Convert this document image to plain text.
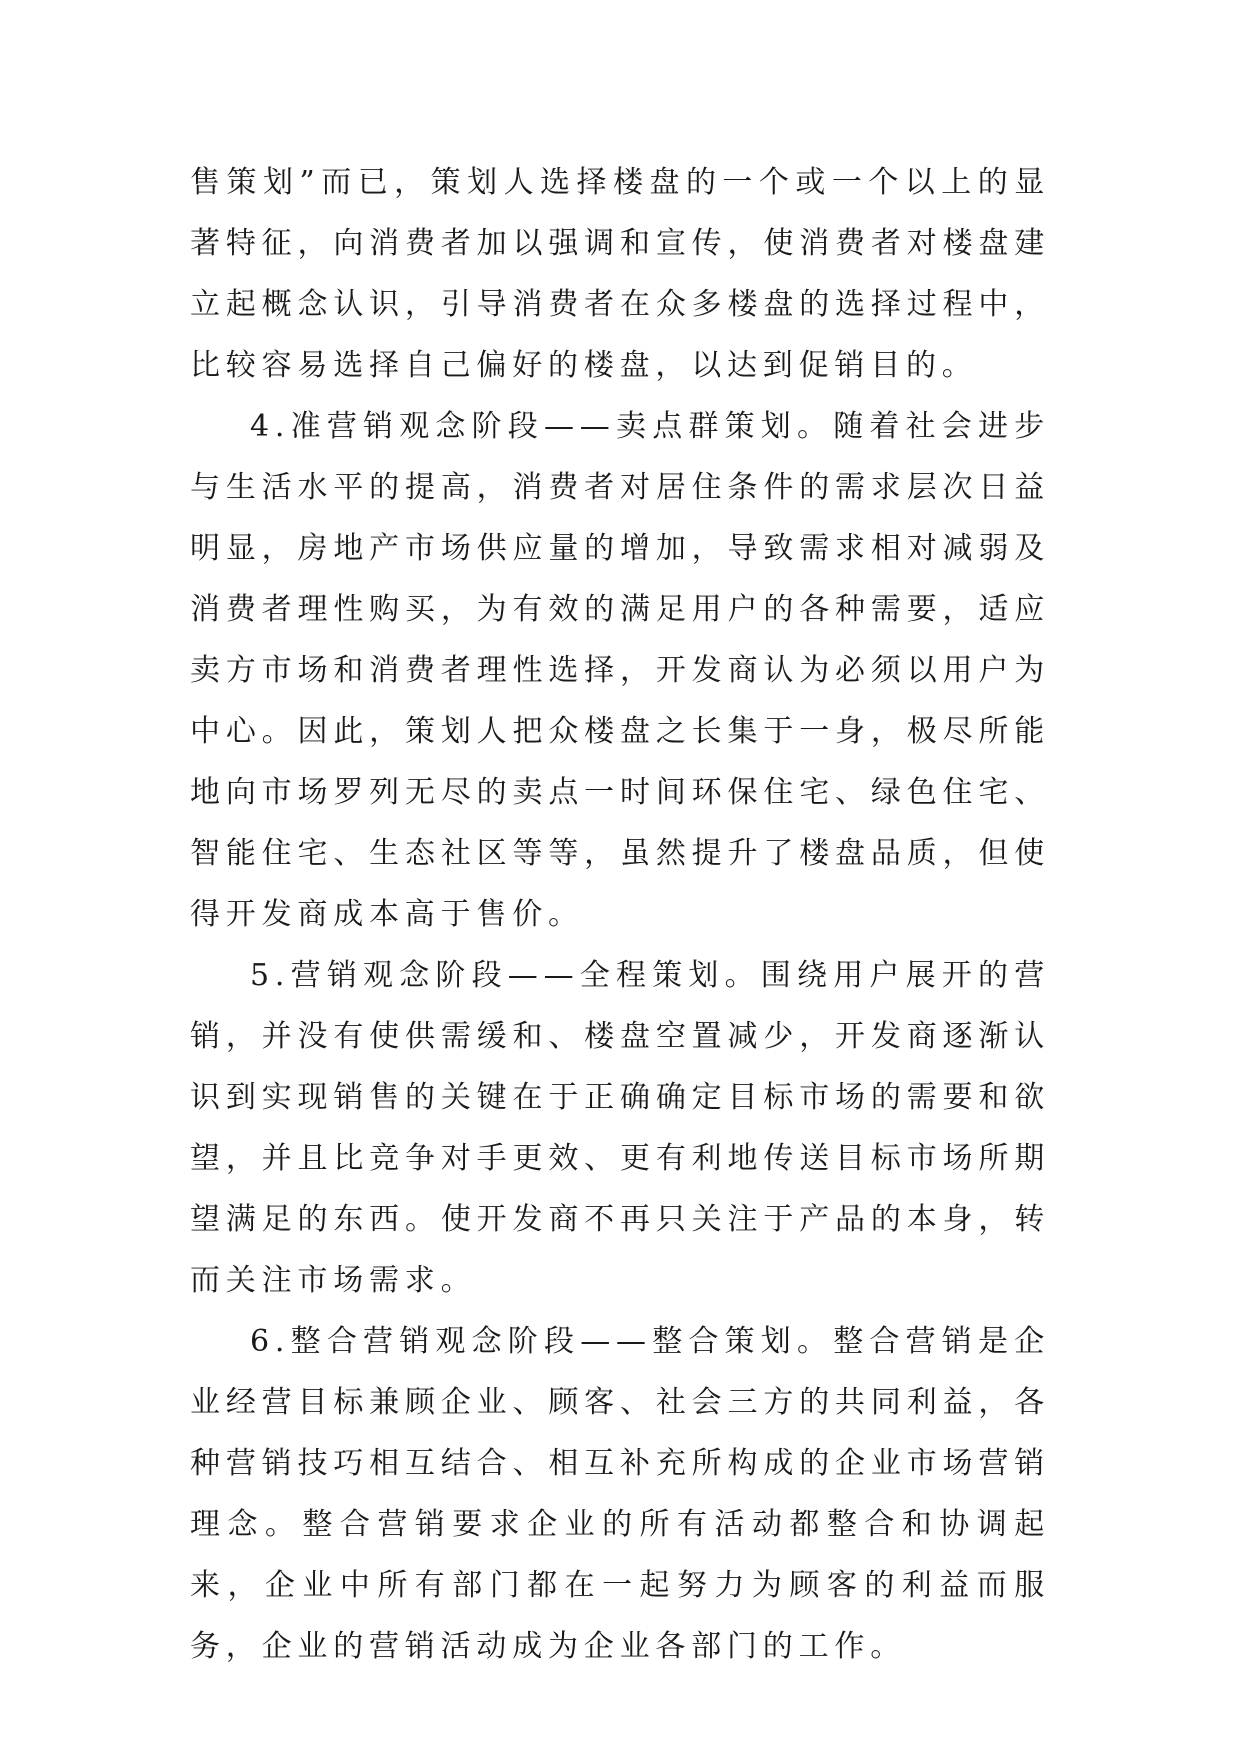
售策划”而已，策划人选择楼盘的一个或一个以上的显著特征，向消费者加以强调和宣传，使消费者对楼盘建立起概念认识，引导消费者在众多楼盘的选择过程中，比较容易选择自己偏好的楼盘，以达到促销目的。

4.准营销观念阶段——卖点群策划。随着社会进步与生活水平的提高，消费者对居住条件的需求层次日益明显，房地产市场供应量的增加，导致需求相对减弱及消费者理性购买，为有效的满足用户的各种需要，适应卖方市场和消费者理性选择，开发商认为必须以用户为中心。因此，策划人把众楼盘之长集于一身，极尽所能地向市场罗列无尽的卖点一时间环保住宅、绿色住宅、智能住宅、生态社区等等，虽然提升了楼盘品质，但使得开发商成本高于售价。

5.营销观念阶段——全程策划。围绕用户展开的营销，并没有使供需缓和、楼盘空置减少，开发商逐渐认识到实现销售的关键在于正确确定目标市场的需要和欲望，并且比竞争对手更效、更有利地传送目标市场所期望满足的东西。使开发商不再只关注于产品的本身，转而关注市场需求。

6.整合营销观念阶段——整合策划。整合营销是企业经营目标兼顾企业、顾客、社会三方的共同利益，各种营销技巧相互结合、相互补充所构成的企业市场营销理念。整合营销要求企业的所有活动都整合和协调起来，企业中所有部门都在一起努力为顾客的利益而服务，企业的营销活动成为企业各部门的工作。
